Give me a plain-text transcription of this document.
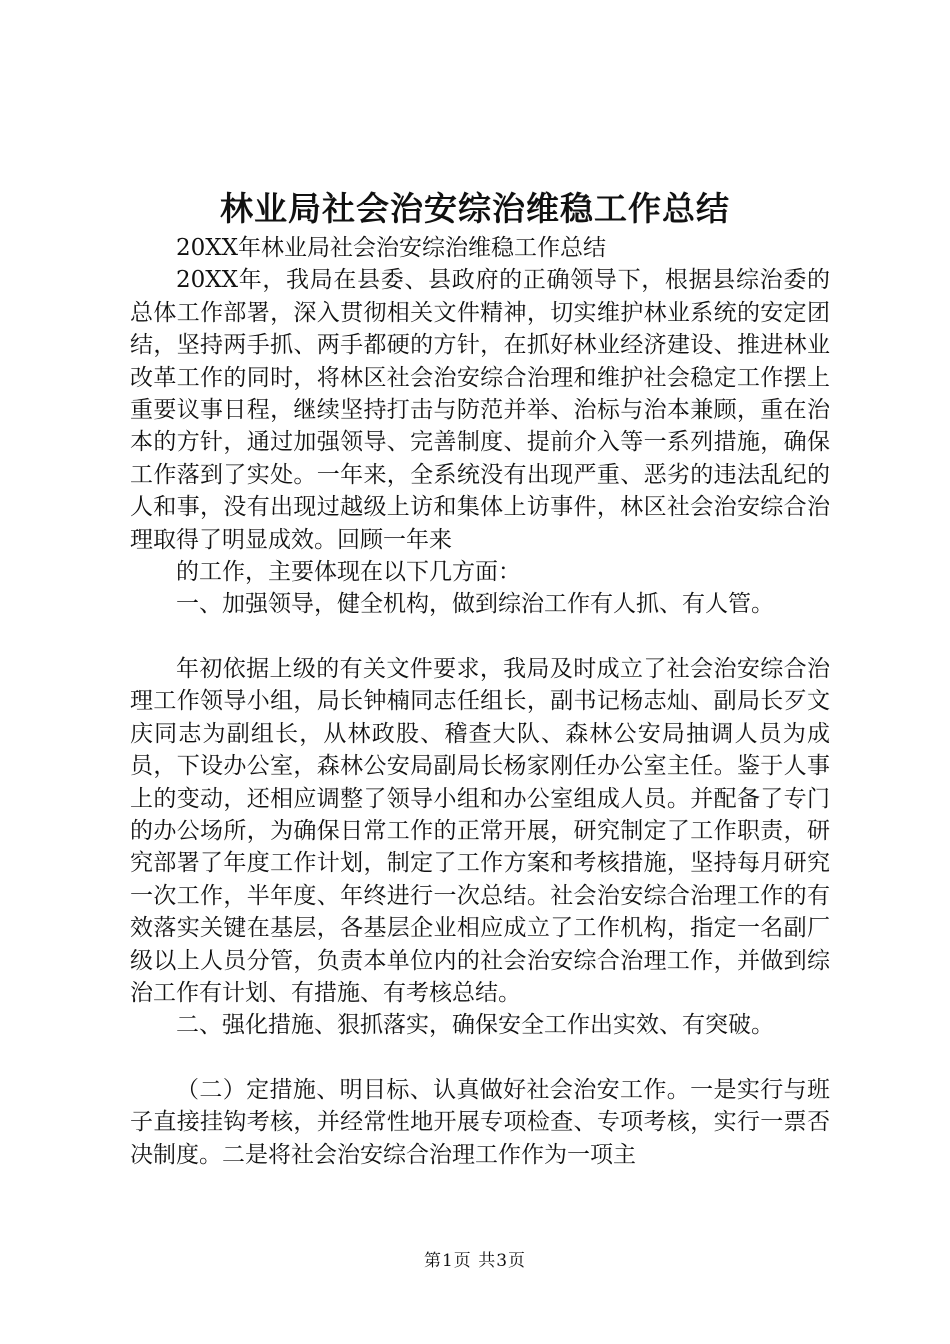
林业局社会治安综治维稳工作总结

20XX年林业局社会治安综治维稳工作总结

20XX年，我局在县委、县政府的正确领导下，根据县综治委的总体工作部署，深入贯彻相关文件精神，切实维护林业系统的安定团结，坚持两手抓、两手都硬的方针，在抓好林业经济建设、推进林业改革工作的同时，将林区社会治安综合治理和维护社会稳定工作摆上重要议事日程，继续坚持打击与防范并举、治标与治本兼顾，重在治本的方针，通过加强领导、完善制度、提前介入等一系列措施，确保工作落到了实处。一年来，全系统没有出现严重、恶劣的违法乱纪的人和事，没有出现过越级上访和集体上访事件，林区社会治安综合治理取得了明显成效。回顾一年来

的工作，主要体现在以下几方面：

一、加强领导，健全机构，做到综治工作有人抓、有人管。

年初依据上级的有关文件要求，我局及时成立了社会治安综合治理工作领导小组，局长钟楠同志任组长，副书记杨志灿、副局长歹文庆同志为副组长，从林政股、稽查大队、森林公安局抽调人员为成员，下设办公室，森林公安局副局长杨家刚任办公室主任。鉴于人事上的变动，还相应调整了领导小组和办公室组成人员。并配备了专门的办公场所，为确保日常工作的正常开展，研究制定了工作职责，研究部署了年度工作计划，制定了工作方案和考核措施，坚持每月研究一次工作，半年度、年终进行一次总结。社会治安综合治理工作的有效落实关键在基层，各基层企业相应成立了工作机构，指定一名副厂级以上人员分管，负责本单位内的社会治安综合治理工作，并做到综治工作有计划、有措施、有考核总结。

二、强化措施、狠抓落实，确保安全工作出实效、有突破。

（二）定措施、明目标、认真做好社会治安工作。一是实行与班子直接挂钩考核，并经常性地开展专项检查、专项考核，实行一票否决制度。二是将社会治安综合治理工作作为一项主

第1页 共3页
